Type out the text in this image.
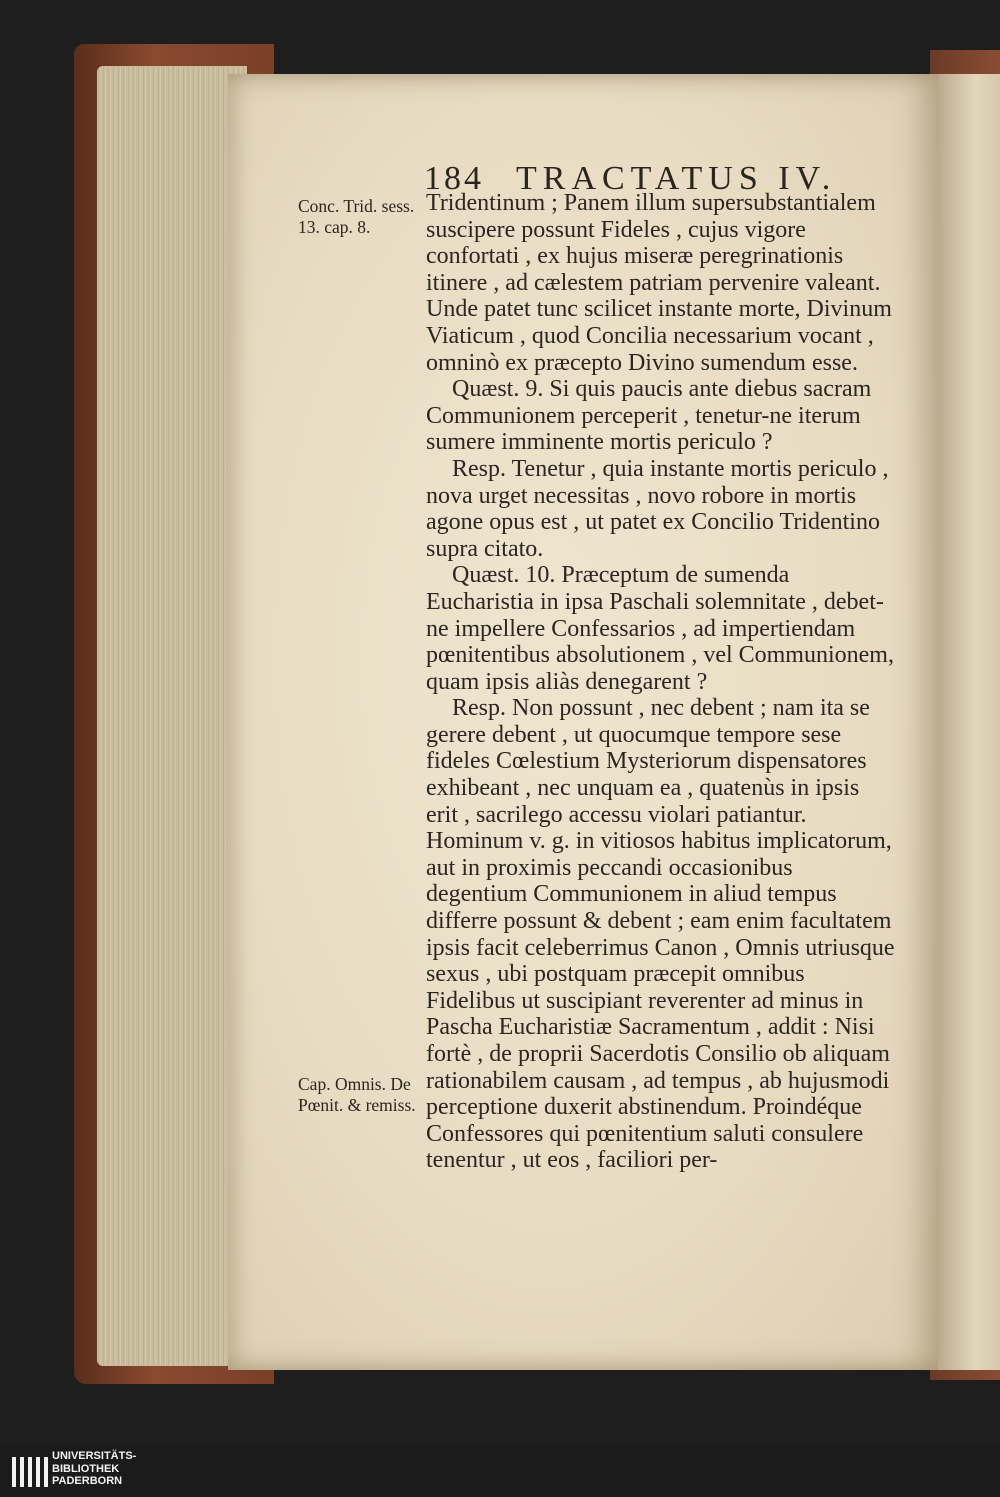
184 TRACTATUS IV.

Tridentinum ; Panem illum supersubstantialem suscipere possunt Fideles , cujus vigore confortati , ex hujus miseræ peregrinationis itinere , ad cælestem patriam pervenire valeant. Unde patet tunc scilicet instante morte, Divinum Viaticum , quod Concilia necessarium vocant , omninò ex præcepto Divino sumendum esse.

Quæst. 9. Si quis paucis ante diebus sacram Communionem perceperit , tenetur-ne iterum sumere imminente mortis periculo ?

Resp. Tenetur , quia instante mortis periculo , nova urget necessitas , novo robore in mortis agone opus est , ut patet ex Concilio Tridentino supra citato.

Quæst. 10. Præceptum de sumenda Eucharistia in ipsa Paschali solemnitate , debet-ne impellere Confessarios , ad impertiendam pœnitentibus absolutionem , vel Communionem, quam ipsis aliàs denegarent ?

Resp. Non possunt , nec debent ; nam ita se gerere debent , ut quocumque tempore sese fideles Cœlestium Mysteriorum dispensatores exhibeant , nec unquam ea , quatenùs in ipsis erit , sacrilego accessu violari patiantur. Hominum v. g. in vitiosos habitus implicatorum, aut in proximis peccandi occasionibus degentium Communionem in aliud tempus differre possunt & debent ; eam enim facultatem ipsis facit celeberrimus Canon , Omnis utriusque sexus , ubi postquam præcepit omnibus Fidelibus ut suscipiant reverenter ad minus in Pascha Eucharistiæ Sacramentum , addit : Nisi fortè , de proprii Sacerdotis Consilio ob aliquam rationabilem causam , ad tempus , ab hujusmodi perceptione duxerit abstinendum. Proindéque Confessores qui pœnitentium saluti consulere tenentur , ut eos , faciliori per-

Conc. Trid. sess. 13. cap. 8.
Cap. Omnis. De Pœnit. & remiss.

UNIVERSITÄTS- BIBLIOTHEK PADERBORN
